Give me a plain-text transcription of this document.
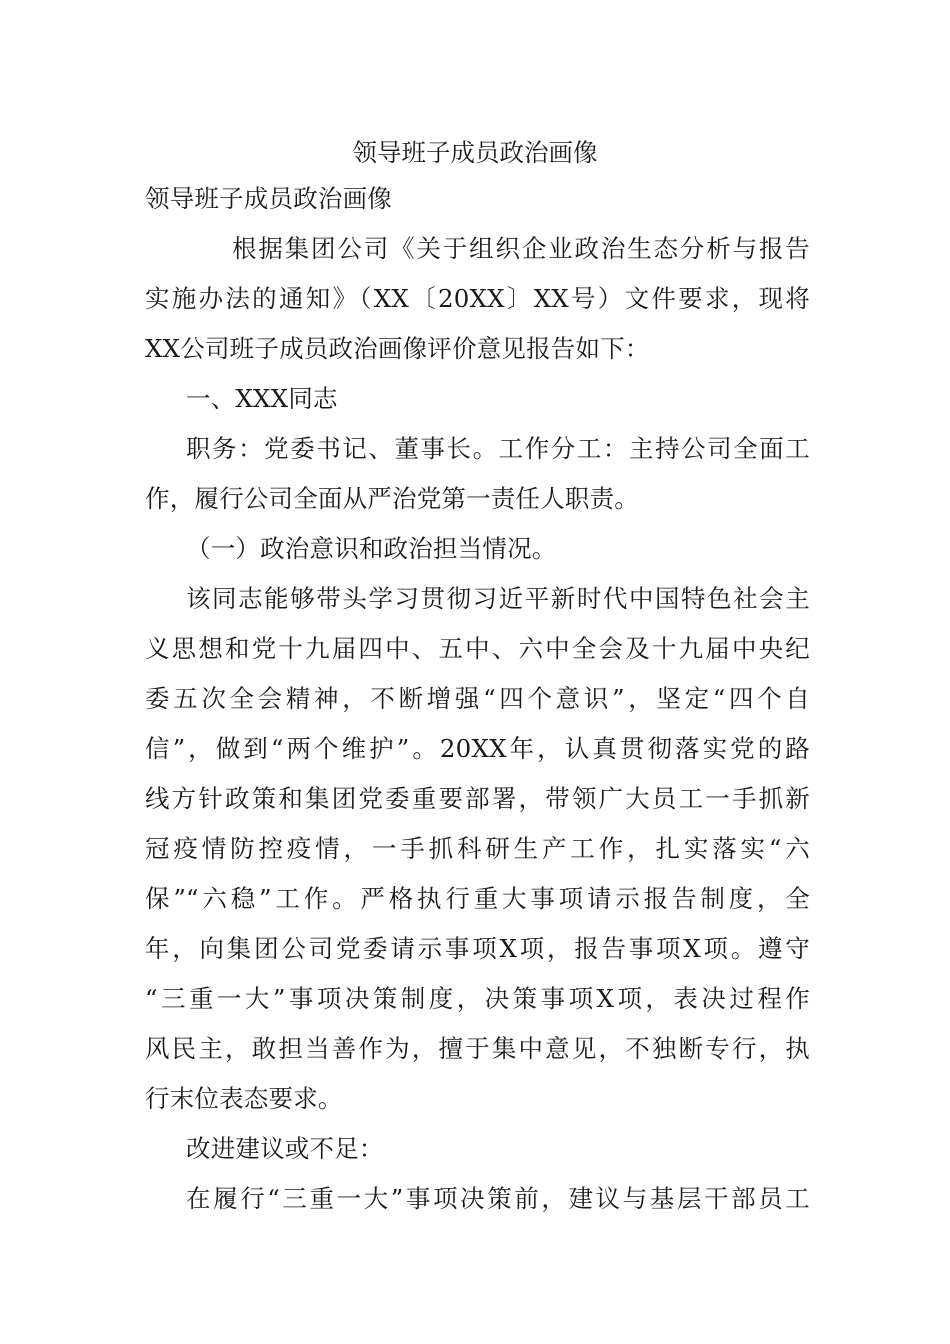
领导班子成员政治画像
领导班子成员政治画像
根据集团公司《关于组织企业政治生态分析与报告
实施办法的通知》（XX〔20XX〕XX号）文件要求，现将
XX公司班子成员政治画像评价意见报告如下：
一、XXX同志
职务：党委书记、董事长。工作分工：主持公司全面工
作，履行公司全面从严治党第一责任人职责。
（一）政治意识和政治担当情况。
该同志能够带头学习贯彻习近平新时代中国特色社会主
义思想和党十九届四中、五中、六中全会及十九届中央纪
委五次全会精神，不断增强“四个意识”，坚定“四个自
信”，做到“两个维护”。20XX年，认真贯彻落实党的路
线方针政策和集团党委重要部署，带领广大员工一手抓新
冠疫情防控疫情，一手抓科研生产工作，扎实落实“六
保”“六稳”工作。严格执行重大事项请示报告制度，全
年，向集团公司党委请示事项X项，报告事项X项。遵守
“三重一大”事项决策制度，决策事项X项，表决过程作
风民主，敢担当善作为，擅于集中意见，不独断专行，执
行末位表态要求。
改进建议或不足：
在履行“三重一大”事项决策前，建议与基层干部员工
